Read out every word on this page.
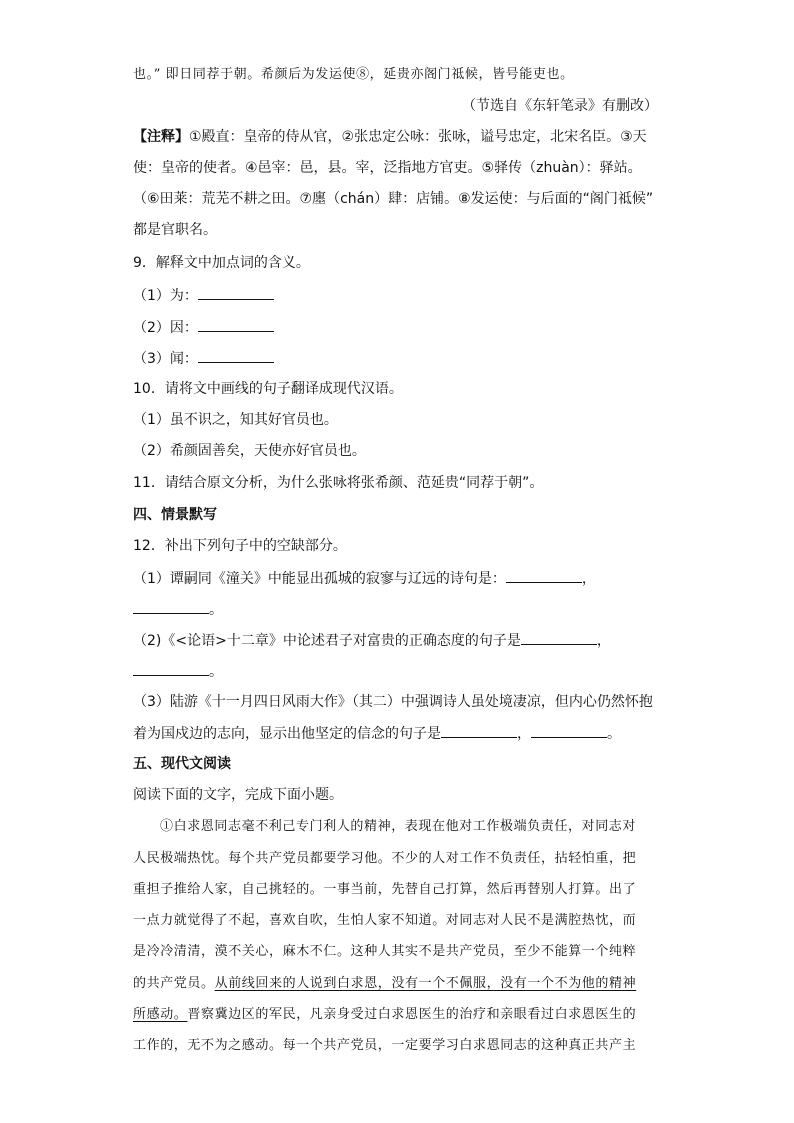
也。” 即日同荐于朝。希颜后为发运使⑧，延贵亦阁门祗候，皆号能吏也。
（节选自《东轩笔录》有删改）
【注释】①殿直：皇帝的侍从官，②张忠定公咏：张咏，谥号忠定，北宋名臣。③天
使：皇帝的使者。④邑宰：邑，县。宰，泛指地方官吏。⑤驿传（zhuàn）：驿站。
（⑥田莱：荒芜不耕之田。⑦廛（chán）肆：店铺。⑧发运使：与后面的“阁门祗候”
都是官职名。
9．解释文中加点词的含义。
（1）为：
（2）因：
（3）闻：
10．请将文中画线的句子翻译成现代汉语。
（1）虽不识之，知其好官员也。
（2）希颜固善矣，天使亦好官员也。
11．请结合原文分析，为什么张咏将张希颜、范延贵“同荐于朝”。
四、情景默写
12．补出下列句子中的空缺部分。
（1）谭嗣同《潼关》中能显出孤城的寂寥与辽远的诗句是：	，
。
（2)《<论语>十二章》中论述君子对富贵的正确态度的句子是	，
。
（3）陆游《十一月四日风雨大作》（其二）中强调诗人虽处境凄凉，但内心仍然怀抱
着为国戍边的志向，显示出他坚定的信念的句子是	，	。
五、现代文阅读
阅读下面的文字，完成下面小题。
①白求恩同志毫不利己专门利人的精神，表现在他对工作极端负责任，对同志对
人民极端热忱。每个共产党员都要学习他。不少的人对工作不负责任，拈轻怕重，把
重担子推给人家，自己挑轻的。一事当前，先替自己打算，然后再替别人打算。出了
一点力就觉得了不起，喜欢自吹，生怕人家不知道。对同志对人民不是满腔热忱，而
是冷冷清清，漠不关心，麻木不仁。这种人其实不是共产党员，至少不能算一个纯粹
的共产党员。从前线回来的人说到白求恩，没有一个不佩服，没有一个不为他的精神
所感动。晋察冀边区的军民，凡亲身受过白求恩医生的治疗和亲眼看过白求恩医生的
工作的，无不为之感动。每一个共产党员，一定要学习白求恩同志的这种真正共产主
